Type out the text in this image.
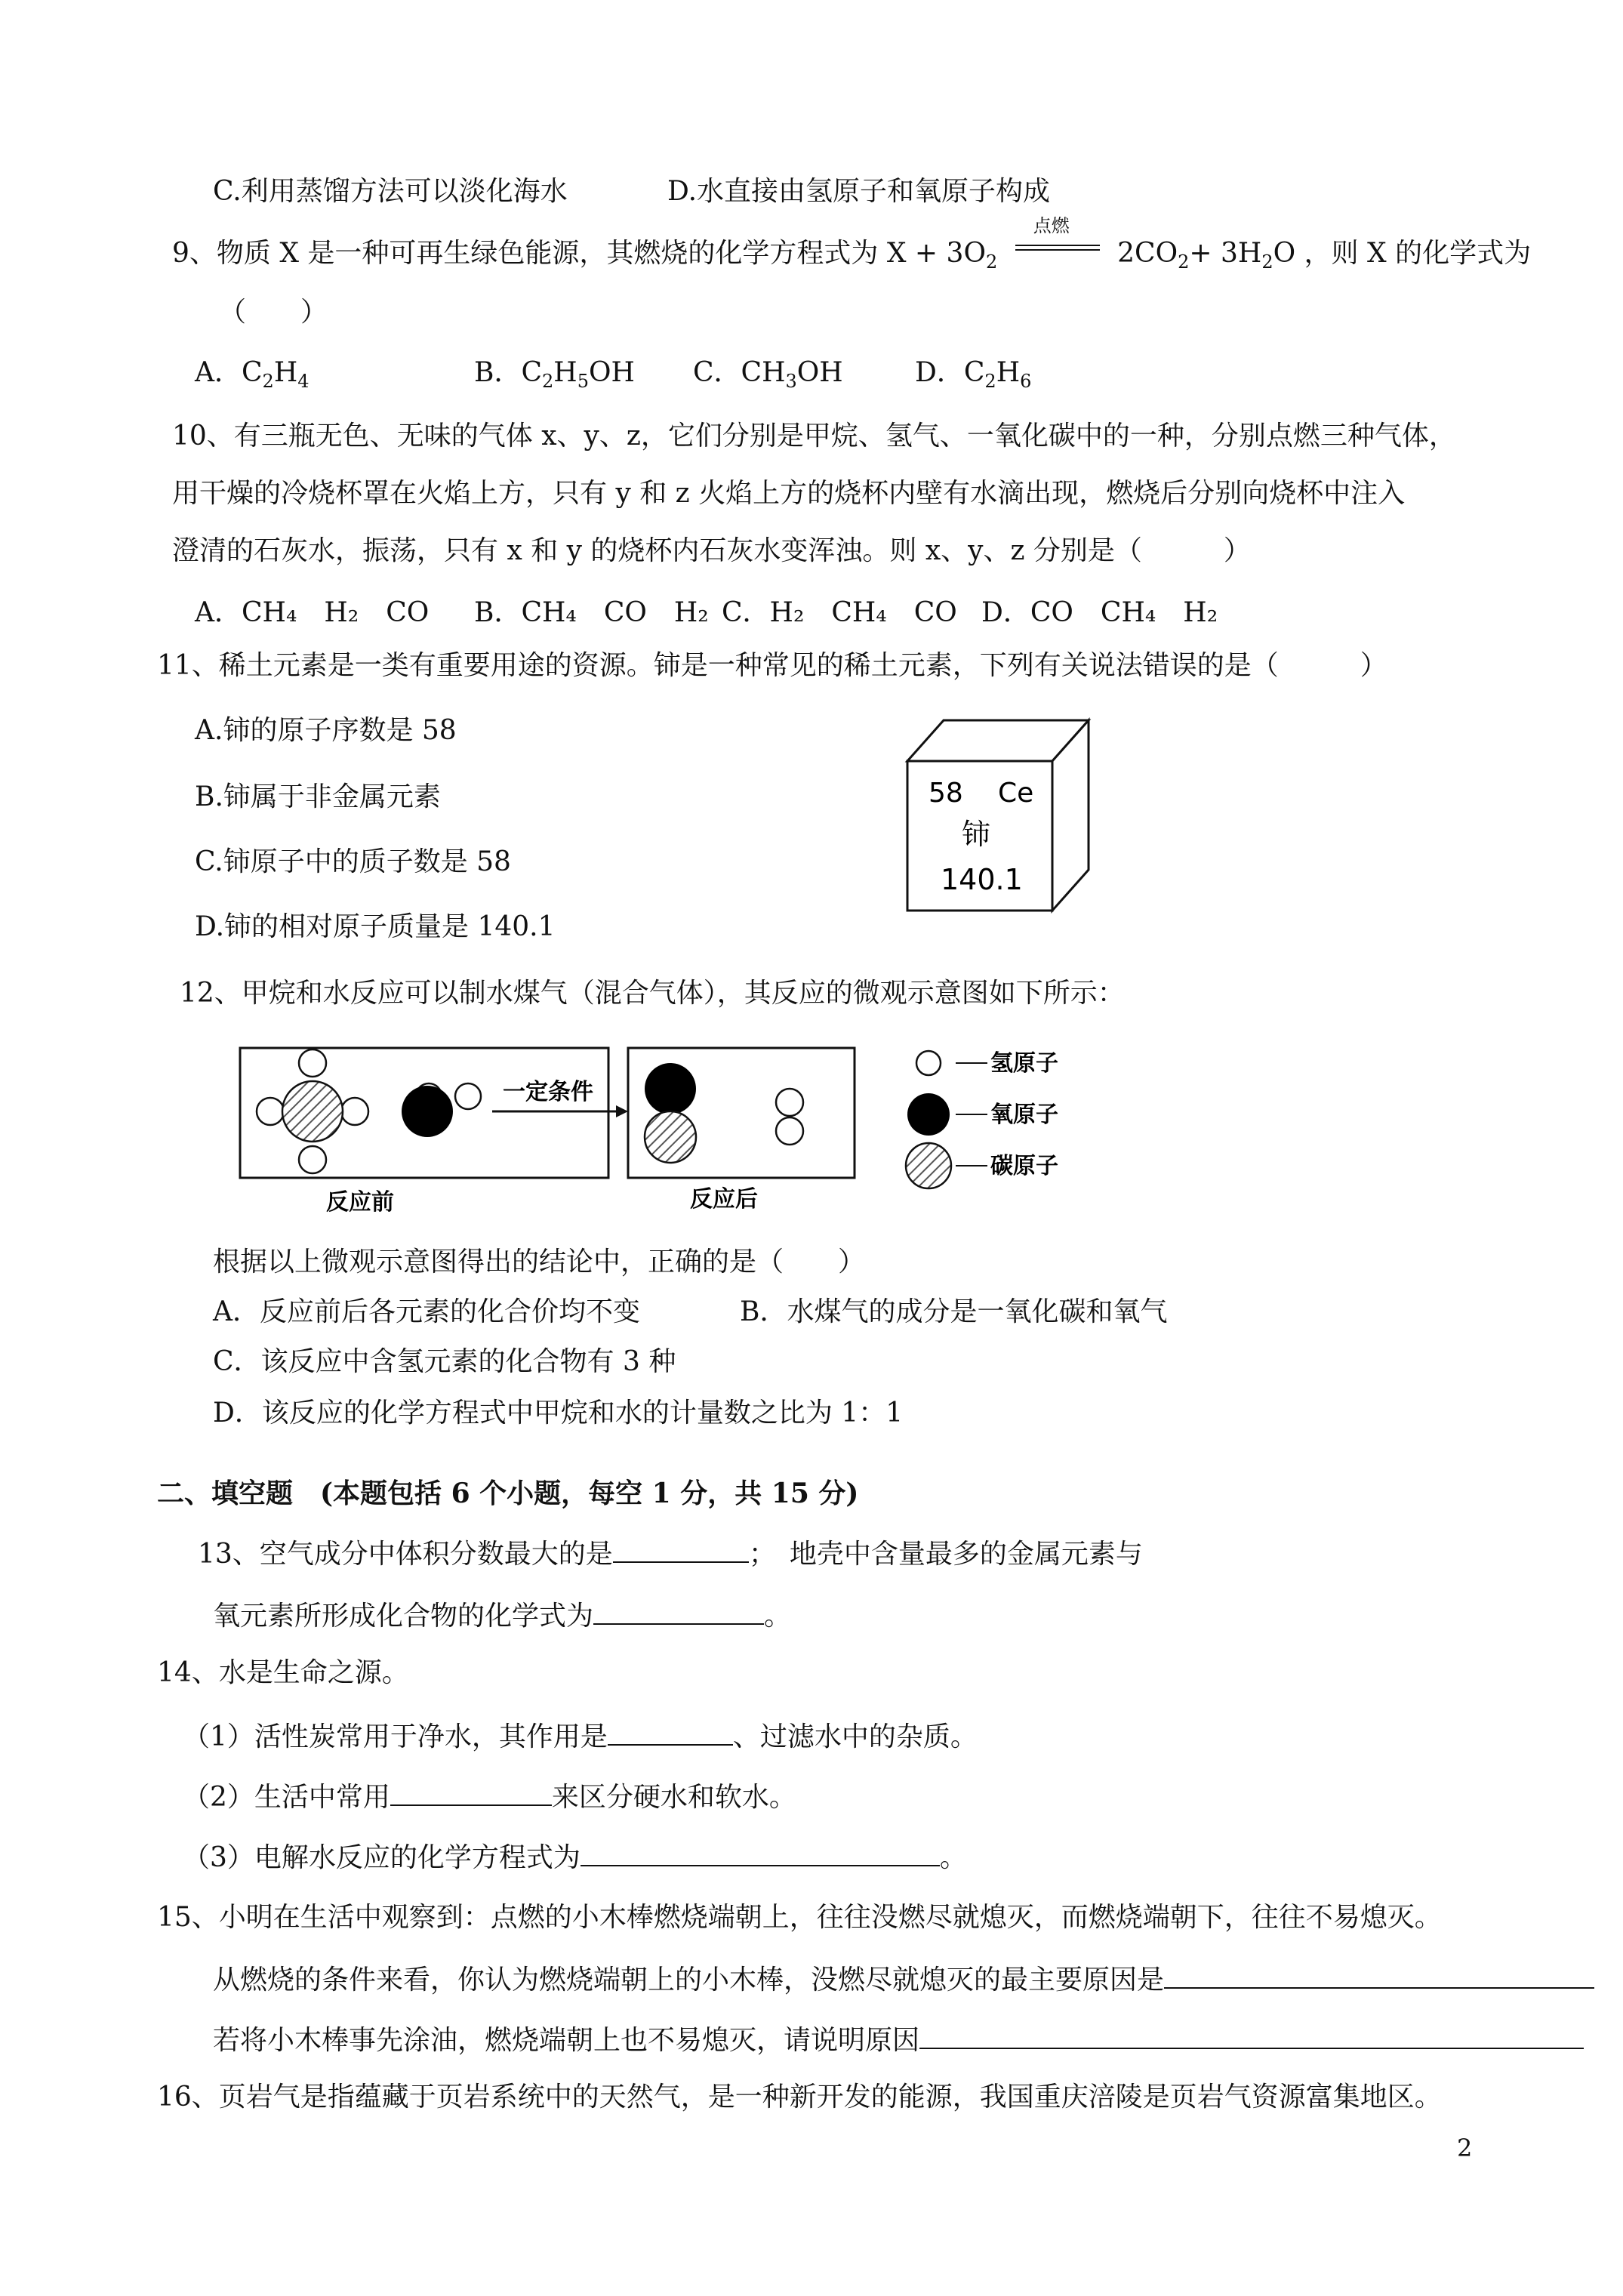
C.利用蒸馏方法可以淡化海水	D.水直接由氢原子和氧原子构成
9、物质 X 是一种可再生绿色能源，其燃烧的化学方程式为 $X + 3O_2$
点燃
$2CO_2+ 3H_2O$ ，则 X 的化学式为
（　　）
A．$C_2H_4$	B．$C_2H_5OH$ C．$CH_3OH$	D．$C_2H_6$
10、有三瓶无色、无味的气体 x、y、z，它们分别是甲烷、氢气、一氧化碳中的一种，分别点燃三种气体，
用干燥的冷烧杯罩在火焰上方，只有 y 和 z 火焰上方的烧杯内壁有水滴出现，燃烧后分别向烧杯中注入
澄清的石灰水，振荡，只有 x 和 y 的烧杯内石灰水变浑浊。则 x、y、z 分别是（　　　）
A．CH₄　H₂　CO B．CH₄　CO　H₂ C．H₂　CH₄　CO D．CO　CH₄　H₂
11、稀土元素是一类有重要用途的资源。铈是一种常见的稀土元素，下列有关说法错误的是（　　　）
A.铈的原子序数是 58
B.铈属于非金属元素
C.铈原子中的质子数是 58
D.铈的相对原子质量是 140.1
58 Ce
铈
140.1
12、甲烷和水反应可以制水煤气（混合气体），其反应的微观示意图如下所示：
一定条件
反应前	反应后
氢原子
氧原子
碳原子
根据以上微观示意图得出的结论中，正确的是（　　）
A．反应前后各元素的化合价均不变	B．水煤气的成分是一氧化碳和氧气
C．该反应中含氢元素的化合物有 3 种
D．该反应的化学方程式中甲烷和水的计量数之比为 1：1
二、填空题　(本题包括 6 个小题，每空 1 分，共 15 分)
13、空气成分中体积分数最大的是	；　地壳中含量最多的金属元素与
氧元素所形成化合物的化学式为	。
14、水是生命之源。
（1）活性炭常用于净水，其作用是	、过滤水中的杂质。
（2）生活中常用	来区分硬水和软水。
（3）电解水反应的化学方程式为	。
15、小明在生活中观察到：点燃的小木棒燃烧端朝上，往往没燃尽就熄灭，而燃烧端朝下，往往不易熄灭。
从燃烧的条件来看，你认为燃烧端朝上的小木棒，没燃尽就熄灭的最主要原因是
若将小木棒事先涂油，燃烧端朝上也不易熄灭，请说明原因
16、页岩气是指蕴藏于页岩系统中的天然气，是一种新开发的能源，我国重庆涪陵是页岩气资源富集地区。
2
